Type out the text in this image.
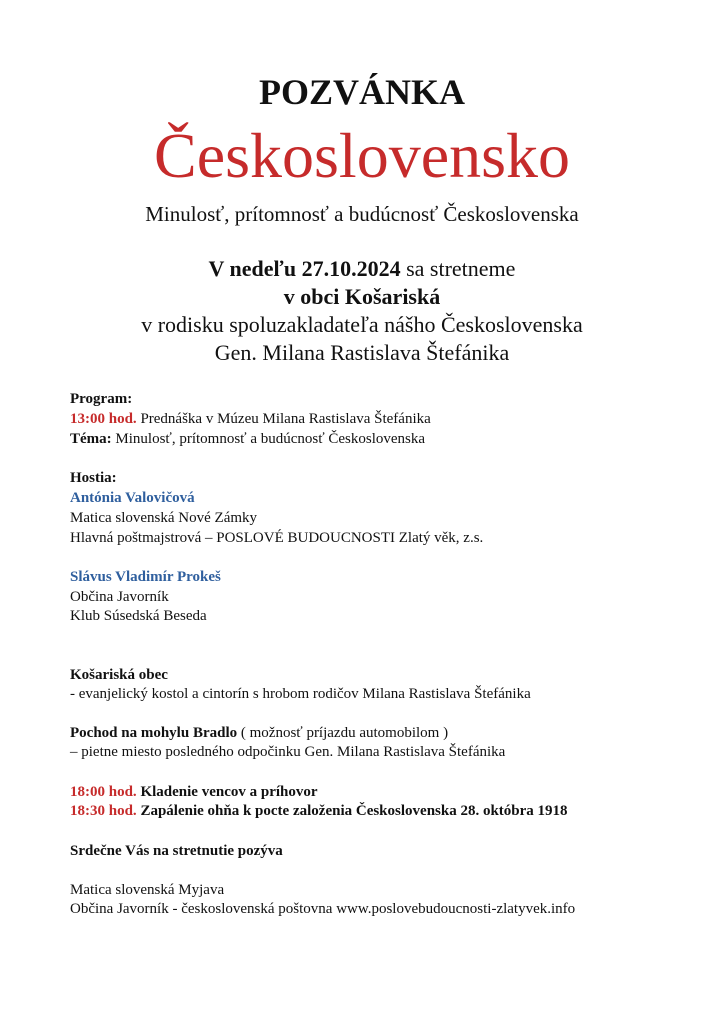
POZVÁNKA
Československo
Minulosť, prítomnosť a budúcnosť Československa
V nedeľu 27.10.2024 sa stretneme
v obci Košariská
v rodisku spoluzakladateľa nášho Československa
Gen. Milana Rastislava Štefánika
Program:
13:00 hod. Prednáška v Múzeu Milana Rastislava Štefánika
Téma: Minulosť, prítomnosť a budúcnosť Československa
Hostia:
Antónia Valovičová
Matica slovenská Nové Zámky
Hlavná poštmajstrová – POSLOVÉ BUDOUCNOSTI Zlatý věk, z.s.
Slávus Vladimír Prokeš
Občina Javorník
Klub Súsedská Beseda
Košariská obec
- evanjelický kostol a cintorín s hrobom rodičov Milana Rastislava Štefánika
Pochod na mohylu Bradlo ( možnosť príjazdu automobilom )
– pietne miesto posledného odpočinku Gen. Milana Rastislava Štefánika
18:00 hod. Kladenie vencov a príhovor
18:30 hod. Zapálenie ohňa k pocte založenia Československa 28. októbra 1918
Srdečne Vás na stretnutie pozýva
Matica slovenská Myjava
Občina Javorník - československá poštovna www.poslovebudoucnosti-zlatyvek.info
